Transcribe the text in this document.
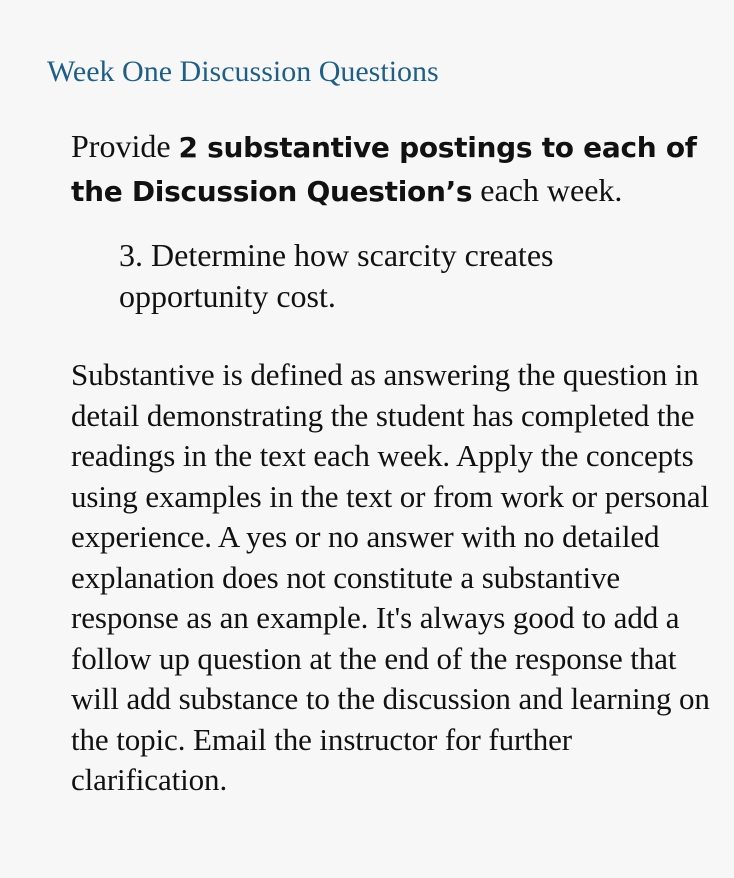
Week One Discussion Questions

Provide 2 substantive postings to each of the Discussion Question’s each week.

3. Determine how scarcity creates opportunity cost.

Substantive is defined as answering the question in detail demonstrating the student has completed the readings in the text each week. Apply the concepts using examples in the text or from work or personal experience. A yes or no answer with no detailed explanation does not constitute a substantive response as an example. It's always good to add a follow up question at the end of the response that will add substance to the discussion and learning on the topic. Email the instructor for further clarification.
